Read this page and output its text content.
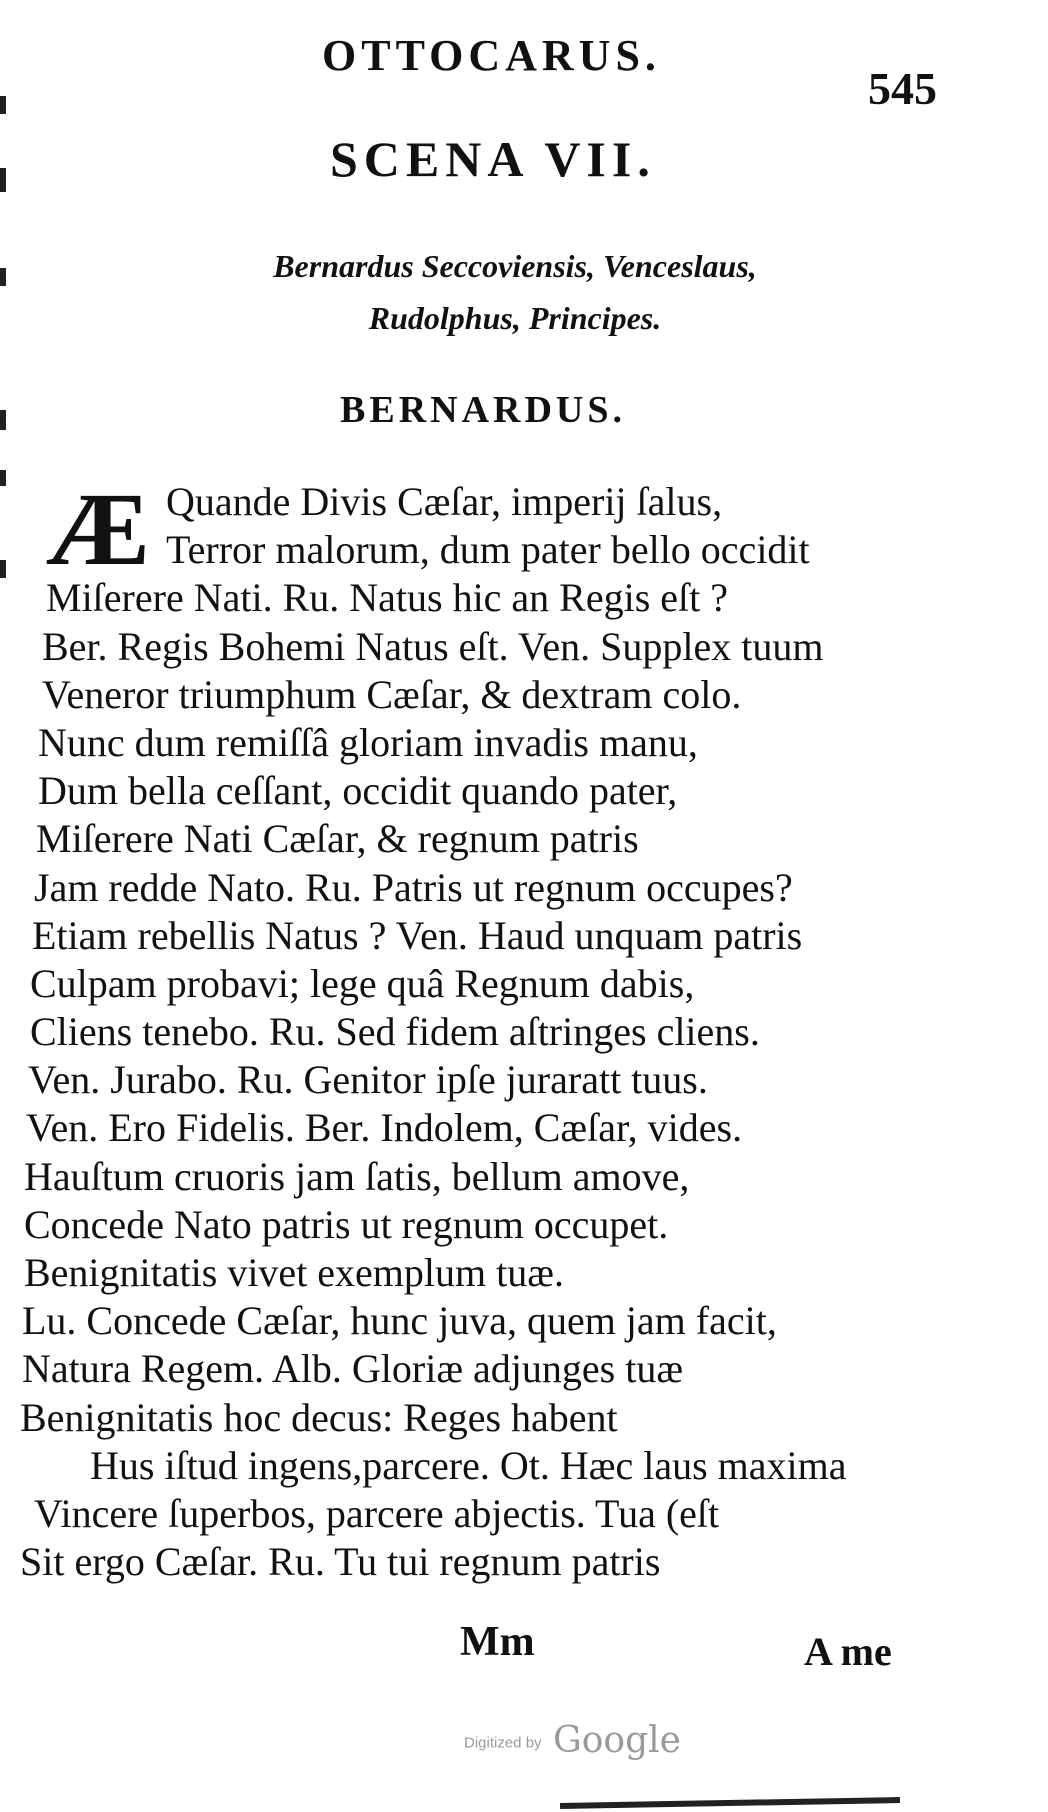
OTTOCARUS.
545
SCENA VII.
Bernardus Seccoviensis, Venceslaus,
Rudolphus, Principes.
BERNARDUS.
Æ Quande Divis Cæſar, imperij ſalus,
Terror malorum, dum pater bello occidit
Miſerere Nati. Ru. Natus hic an Regis eſt ?
Ber. Regis Bohemi Natus eſt. Ven. Supplex tuum
Veneror triumphum Cæſar, & dextram colo.
Nunc dum remiſſâ gloriam invadis manu,
Dum bella ceſſant, occidit quando pater,
Miſerere Nati Cæſar, & regnum patris
Jam redde Nato. Ru. Patris ut regnum occupes?
Etiam rebellis Natus ? Ven. Haud unquam patris
Culpam probavi; lege quâ Regnum dabis,
Cliens tenebo. Ru. Sed fidem aſtringes cliens.
Ven. Jurabo. Ru. Genitor ipſe juraratt tuus.
Ven. Ero Fidelis. Ber. Indolem, Cæſar, vides.
Hauſtum cruoris jam ſatis, bellum amove,
Concede Nato patris ut regnum occupet.
Benignitatis vivet exemplum tuæ.
Lu. Concede Cæſar, hunc juva, quem jam facit,
Natura Regem. Alb. Gloriæ adjunges tuæ
Benignitatis hoc decus: Reges habent
Hus iſtud ingens,parcere. Ot. Hæc laus maxima
Vincere ſuperbos, parcere abjectis. Tua (eſt
Sit ergo Cæſar. Ru. Tu tui regnum patris
Mm	A me
Digitized by Google
